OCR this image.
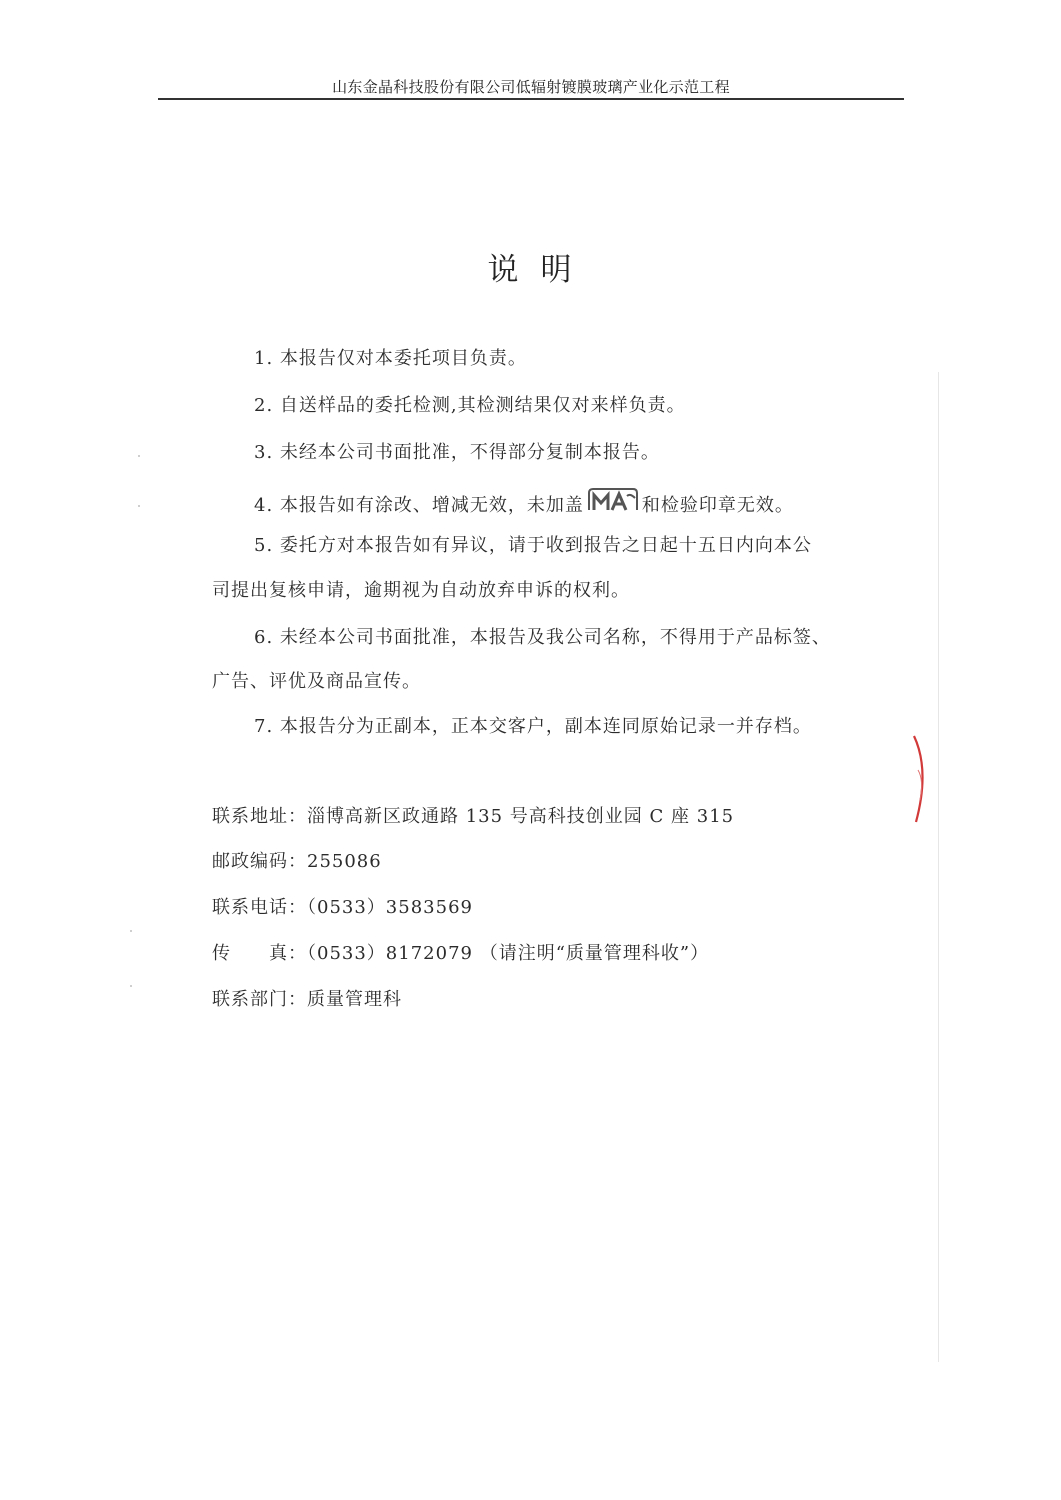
山东金晶科技股份有限公司低辐射镀膜玻璃产业化示范工程
说明
1. 本报告仅对本委托项目负责。
2. 自送样品的委托检测,其检测结果仅对来样负责。
3. 未经本公司书面批准，不得部分复制本报告。
4. 本报告如有涂改、增减无效，未加盖	和检验印章无效。
5. 委托方对本报告如有异议，请于收到报告之日起十五日内向本公
司提出复核申请，逾期视为自动放弃申诉的权利。
6. 未经本公司书面批准，本报告及我公司名称，不得用于产品标签、
广告、评优及商品宣传。
7. 本报告分为正副本，正本交客户，副本连同原始记录一并存档。
联系地址：淄博高新区政通路 135 号高科技创业园 C 座 315
邮政编码：255086
联系电话：（0533）3583569
传　　真：（0533）8172079 （请注明“质量管理科收”）
联系部门：质量管理科
